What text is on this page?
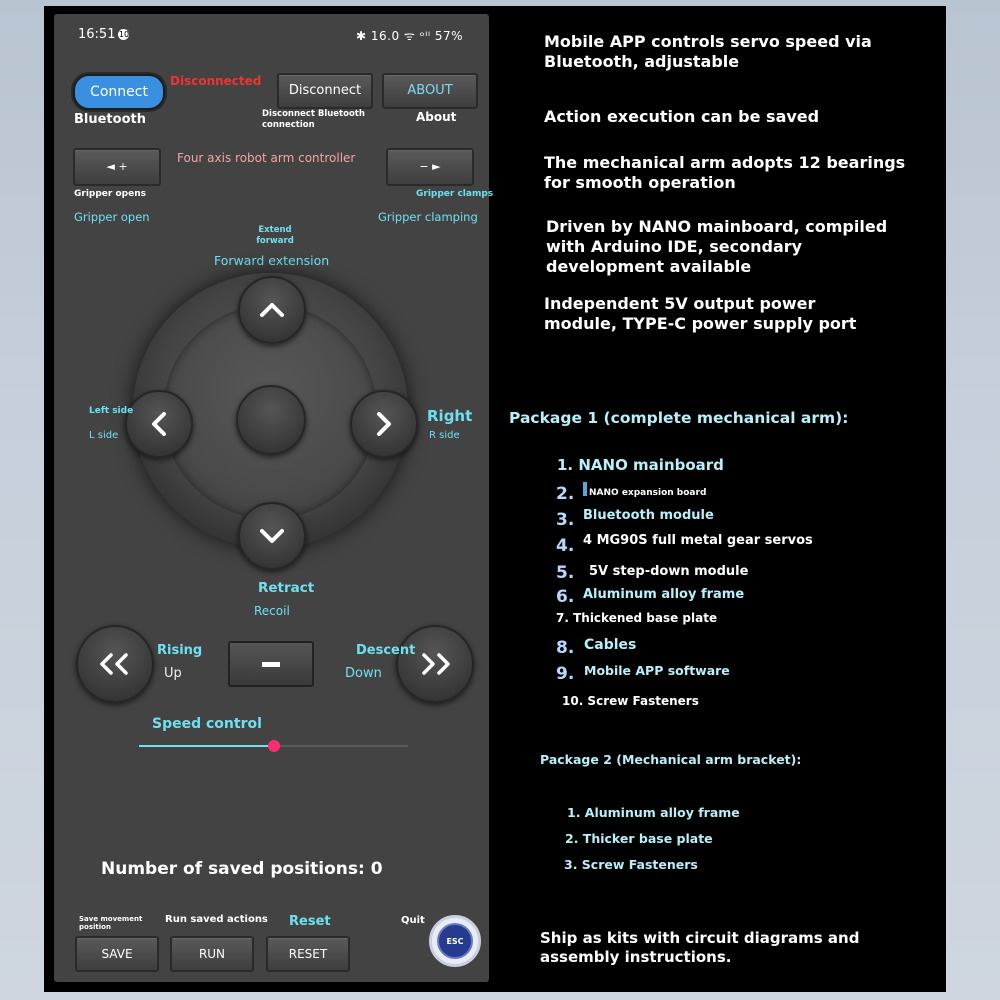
16:51 10	✱ 16.0 ᯤ ᵒᴵᴵ 57%
Connect
Disconnected
Disconnect	ABOUT
Bluetooth	Disconnect Bluetooth connection
About
◄ +	− ►
Four axis robot arm controller
Gripper opens	Gripper clamps
Gripper open	Gripper clamping
Extend forward
Forward extension
Left side
L side
Right
R side
Retract
Recoil
Rising
Up
Descent
Down
Speed control
Number of saved positions: 0
Save movement position
Run saved actions Reset	Quit
SAVE	RUN	RESET
ESC
Mobile APP controls servo speed via Bluetooth, adjustable
Action execution can be saved
The mechanical arm adopts 12 bearings for smooth operation
Driven by NANO mainboard, compiled with Arduino IDE, secondary development available
Independent 5V output power module, TYPE-C power supply port
Package 1 (complete mechanical arm):
1. NANO mainboard
2.	NANO expansion board
3. Bluetooth module
4. 4 MG90S full metal gear servos
5. 5V step-down module
6. Aluminum alloy frame
7. Thickened base plate
8. Cables
9. Mobile APP software
10. Screw Fasteners
Package 2 (Mechanical arm bracket):
1. Aluminum alloy frame
2. Thicker base plate
3. Screw Fasteners
Ship as kits with circuit diagrams and assembly instructions.
